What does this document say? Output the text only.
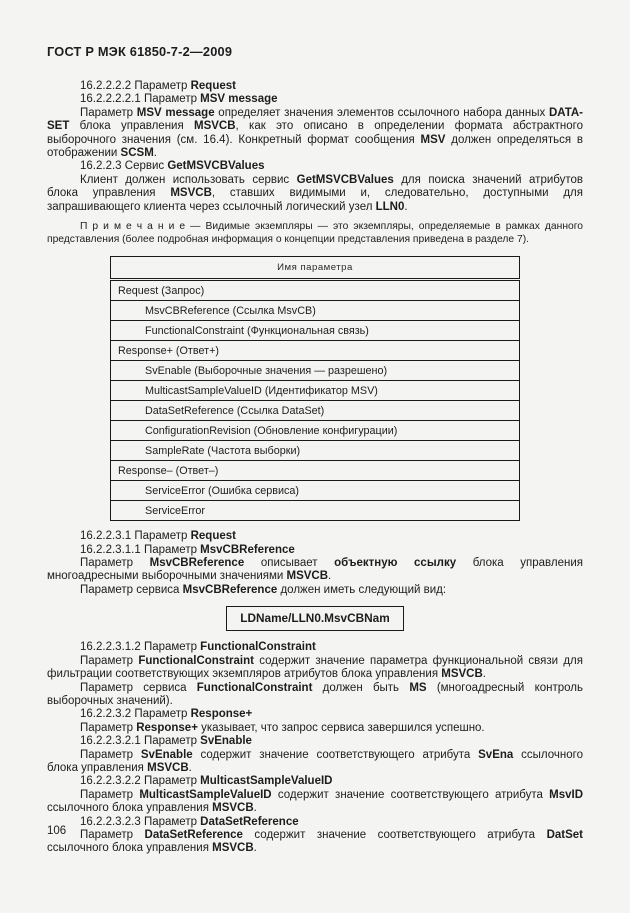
ГОСТ Р МЭК 61850-7-2—2009
16.2.2.2.2 Параметр Request
16.2.2.2.2.1 Параметр MSV message
Параметр MSV message определяет значения элементов ссылочного набора данных DATA-SET блока управления MSVCB, как это описано в определении формата абстрактного выборочного значения (см. 16.4). Конкретный формат сообщения MSV должен определяться в отображении SCSM.
16.2.2.3 Сервис GetMSVCBValues
Клиент должен использовать сервис GetMSVCBValues для поиска значений атрибутов блока управления MSVCB, ставших видимыми и, следовательно, доступными для запрашивающего клиента через ссылочный логический узел LLN0.
П р и м е ч а н и е — Видимые экземпляры — это экземпляры, определяемые в рамках данного представления (более подробная информация о концепции представления приведена в разделе 7).
Имя параметра
Request (Запрос)
MsvCBReference (Ссылка MsvCB)
FunctionalConstraint (Функциональная связь)
Response+ (Ответ+)
SvEnable (Выборочные значения — разрешено)
MulticastSampleValueID (Идентификатор MSV)
DataSetReference (Ссылка DataSet)
ConfigurationRevision (Обновление конфигурации)
SampleRate (Частота выборки)
Response– (Ответ–)
ServiceError (Ошибка сервиса)
ServiceError
16.2.2.3.1 Параметр Request
16.2.2.3.1.1 Параметр MsvCBReference
Параметр MsvCBReference описывает объектную ссылку блока управления многоадресными выборочными значениями MSVCB.
Параметр сервиса MsvCBReference должен иметь следующий вид:
LDName/LLN0.MsvCBNam
16.2.2.3.1.2 Параметр FunctionalConstraint
Параметр FunctionalConstraint содержит значение параметра функциональной связи для фильтрации соответствующих экземпляров атрибутов блока управления MSVCB.
Параметр сервиса FunctionalConstraint должен быть MS (многоадресный контроль выборочных значений).
16.2.2.3.2 Параметр Response+
Параметр Response+ указывает, что запрос сервиса завершился успешно.
16.2.2.3.2.1 Параметр SvEnable
Параметр SvEnable содержит значение соответствующего атрибута SvEna ссылочного блока управления MSVCB.
16.2.2.3.2.2 Параметр MulticastSampleValueID
Параметр MulticastSampleValueID содержит значение соответствующего атрибута MsvID ссылочного блока управления MSVCB.
16.2.2.3.2.3 Параметр DataSetReference
Параметр DataSetReference содержит значение соответствующего атрибута DatSet ссылочного блока управления MSVCB.
106
